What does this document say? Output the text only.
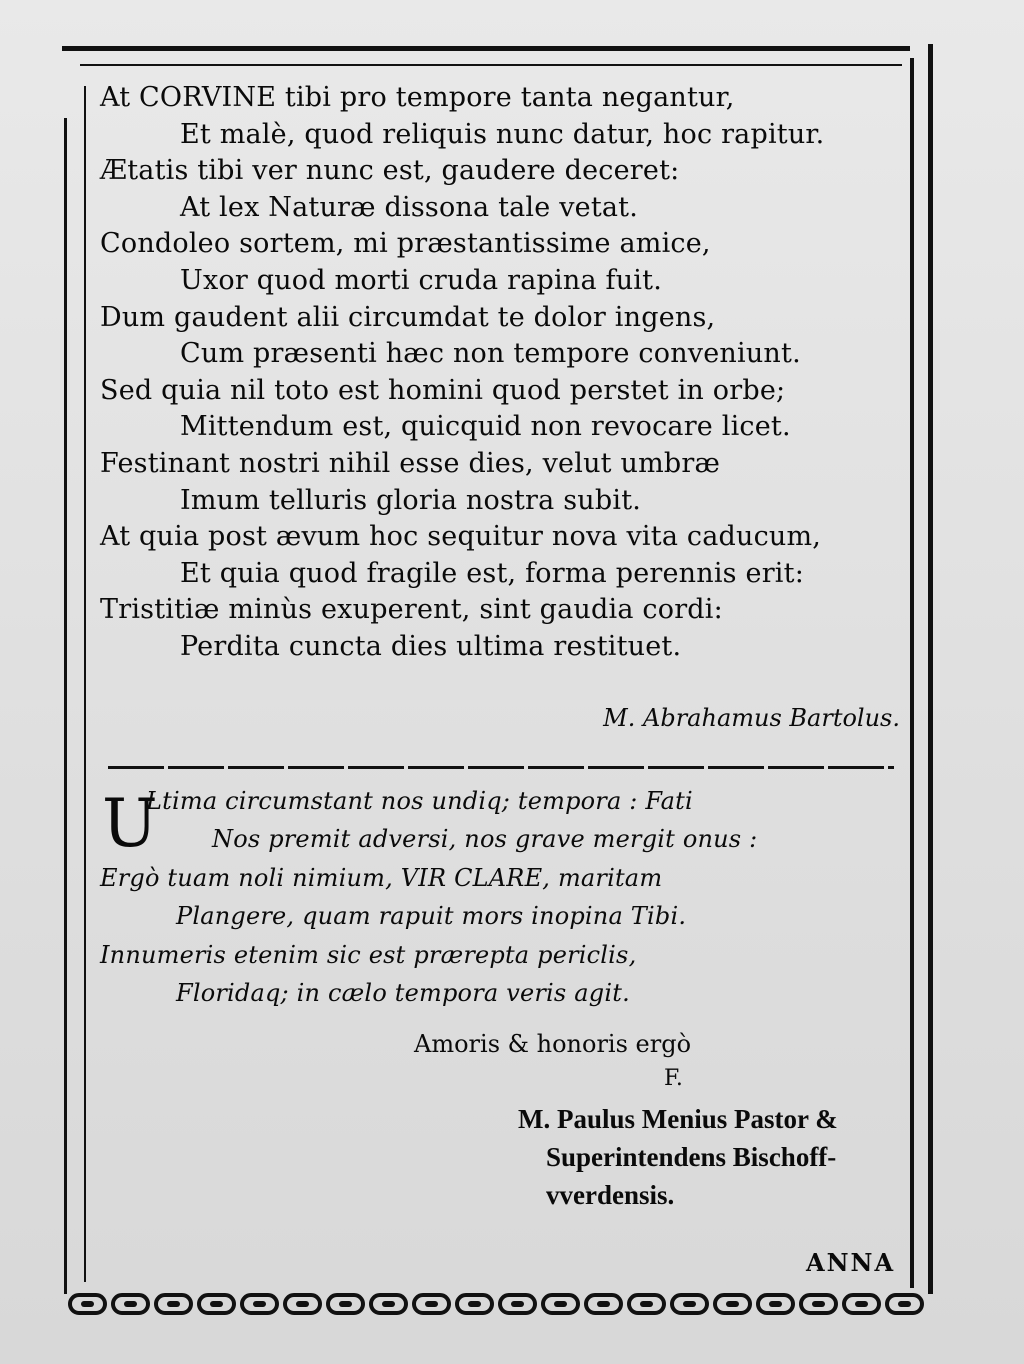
At CORVINE tibi pro tempore tanta negantur,
Et malè, quod reliquis nunc datur, hoc rapitur.
Ætatis tibi ver nunc est, gaudere deceret:
At lex Naturæ dissona tale vetat.
Condoleo sortem, mi præstantissime amice,
Uxor quod morti cruda rapina fuit.
Dum gaudent alii circumdat te dolor ingens,
Cum præsenti hæc non tempore conveniunt.
Sed quia nil toto est homini quod perstet in orbe;
Mittendum est, quicquid non revocare licet.
Festinant nostri nihil esse dies, velut umbræ
Imum telluris gloria nostra subit.
At quia post ævum hoc sequitur nova vita caducum,
Et quia quod fragile est, forma perennis erit:
Tristitiæ minùs exuperent, sint gaudia cordi:
Perdita cuncta dies ultima restituet.
M. Abrahamus Bartolus.
U
Ltima circumstant nos undiq; tempora : Fati
Nos premit adversi, nos grave mergit onus :
Ergò tuam noli nimium, VIR CLARE, maritam
Plangere, quam rapuit mors inopina Tibi.
Innumeris etenim sic est prærepta periclis,
Floridaq; in cælo tempora veris agit.
Amoris & honoris ergò
F.
M. Paulus Menius Pastor &
Superintendens Bischoff-
vverdensis.
ANNA
